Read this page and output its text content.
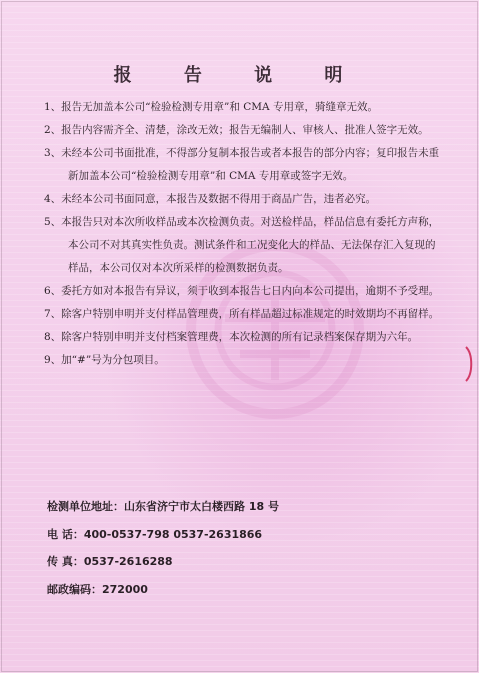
报 告 说 明
1、报告无加盖本公司“检验检测专用章”和 CMA 专用章，骑缝章无效。
2、报告内容需齐全、清楚，涂改无效；报告无编制人、审核人、批准人签字无效。
3、未经本公司书面批准，不得部分复制本报告或者本报告的部分内容；复印报告未重新加盖本公司“检验检测专用章”和 CMA 专用章或签字无效。
4、未经本公司书面同意，本报告及数据不得用于商品广告，违者必究。
5、本报告只对本次所收样品或本次检测负责。对送检样品，样品信息有委托方声称，本公司不对其真实性负责。测试条件和工况变化大的样品、无法保存汇入复现的样品，本公司仅对本次所采样的检测数据负责。
6、委托方如对本报告有异议，须于收到本报告七日内向本公司提出，逾期不予受理。
7、除客户特别申明并支付样品管理费，所有样品超过标准规定的时效期均不再留样。
8、除客户特别申明并支付档案管理费，本次检测的所有记录档案保存期为六年。
9、加“#”号为分包项目。
检测单位地址：山东省济宁市太白楼西路 18 号
电 话：400-0537-798 0537-2631866
传 真：0537-2616288
邮政编码：272000
